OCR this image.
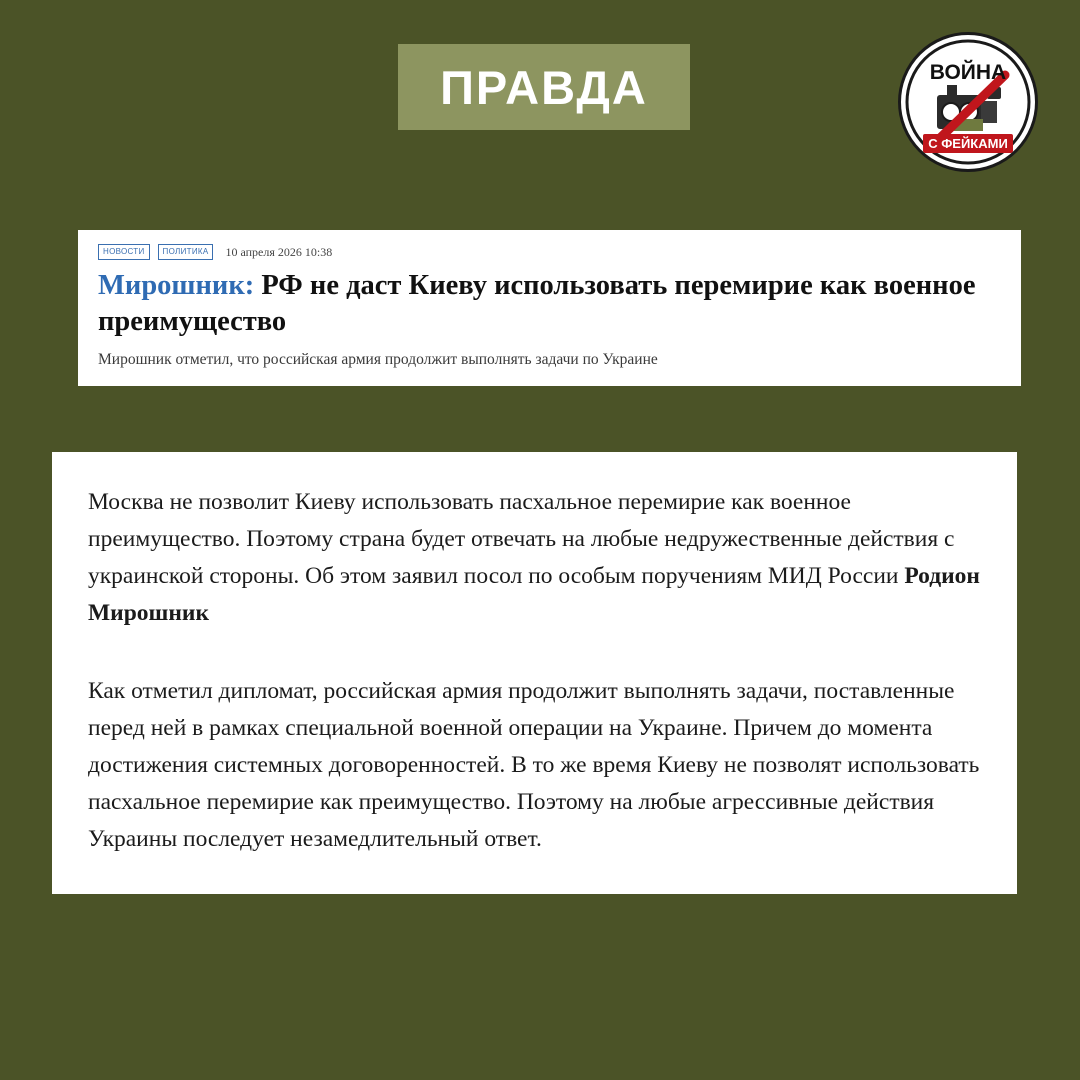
ПРАВДА	ВОЙНА
С ФЕЙКАМИ
НОВОСТИ	ПОЛИТИКА	10 апреля 2026 10:38
Мирошник: РФ не даст Киеву использовать перемирие как военное преимущество
Мирошник отметил, что российская армия продолжит выполнять задачи по Украине

Москва не позволит Киеву использовать пасхальное перемирие как военное преимущество. Поэтому страна будет отвечать на любые недружественные действия с украинской стороны. Об этом заявил посол по особым поручениям МИД России Родион Мирошник

Как отметил дипломат, российская армия продолжит выполнять задачи, поставленные перед ней в рамках специальной военной операции на Украине. Причем до момента достижения системных договоренностей. В то же время Киеву не позволят использовать пасхальное перемирие как преимущество. Поэтому на любые агрессивные действия Украины последует незамедлительный ответ.
